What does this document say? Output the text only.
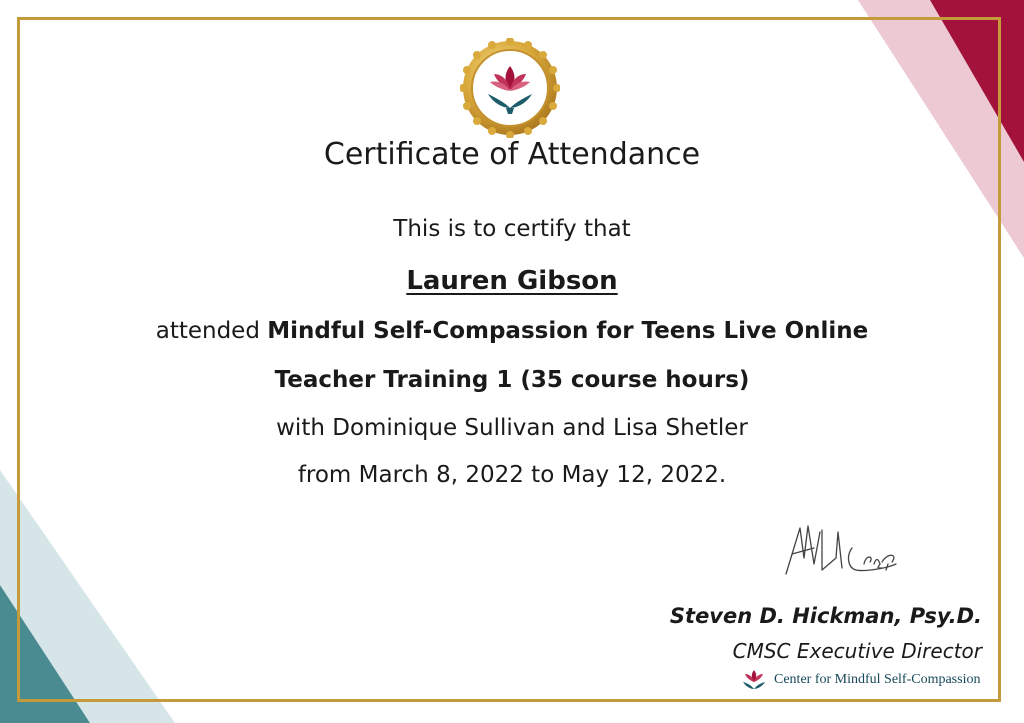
Certificate of Attendance
This is to certify that
Lauren Gibson
attended Mindful Self-Compassion for Teens Live Online
Teacher Training 1 (35 course hours)
with Dominique Sullivan and Lisa Shetler
from March 8, 2022 to May 12, 2022.
Steven D. Hickman, Psy.D.
CMSC Executive Director
Center for Mindful Self-Compassion
